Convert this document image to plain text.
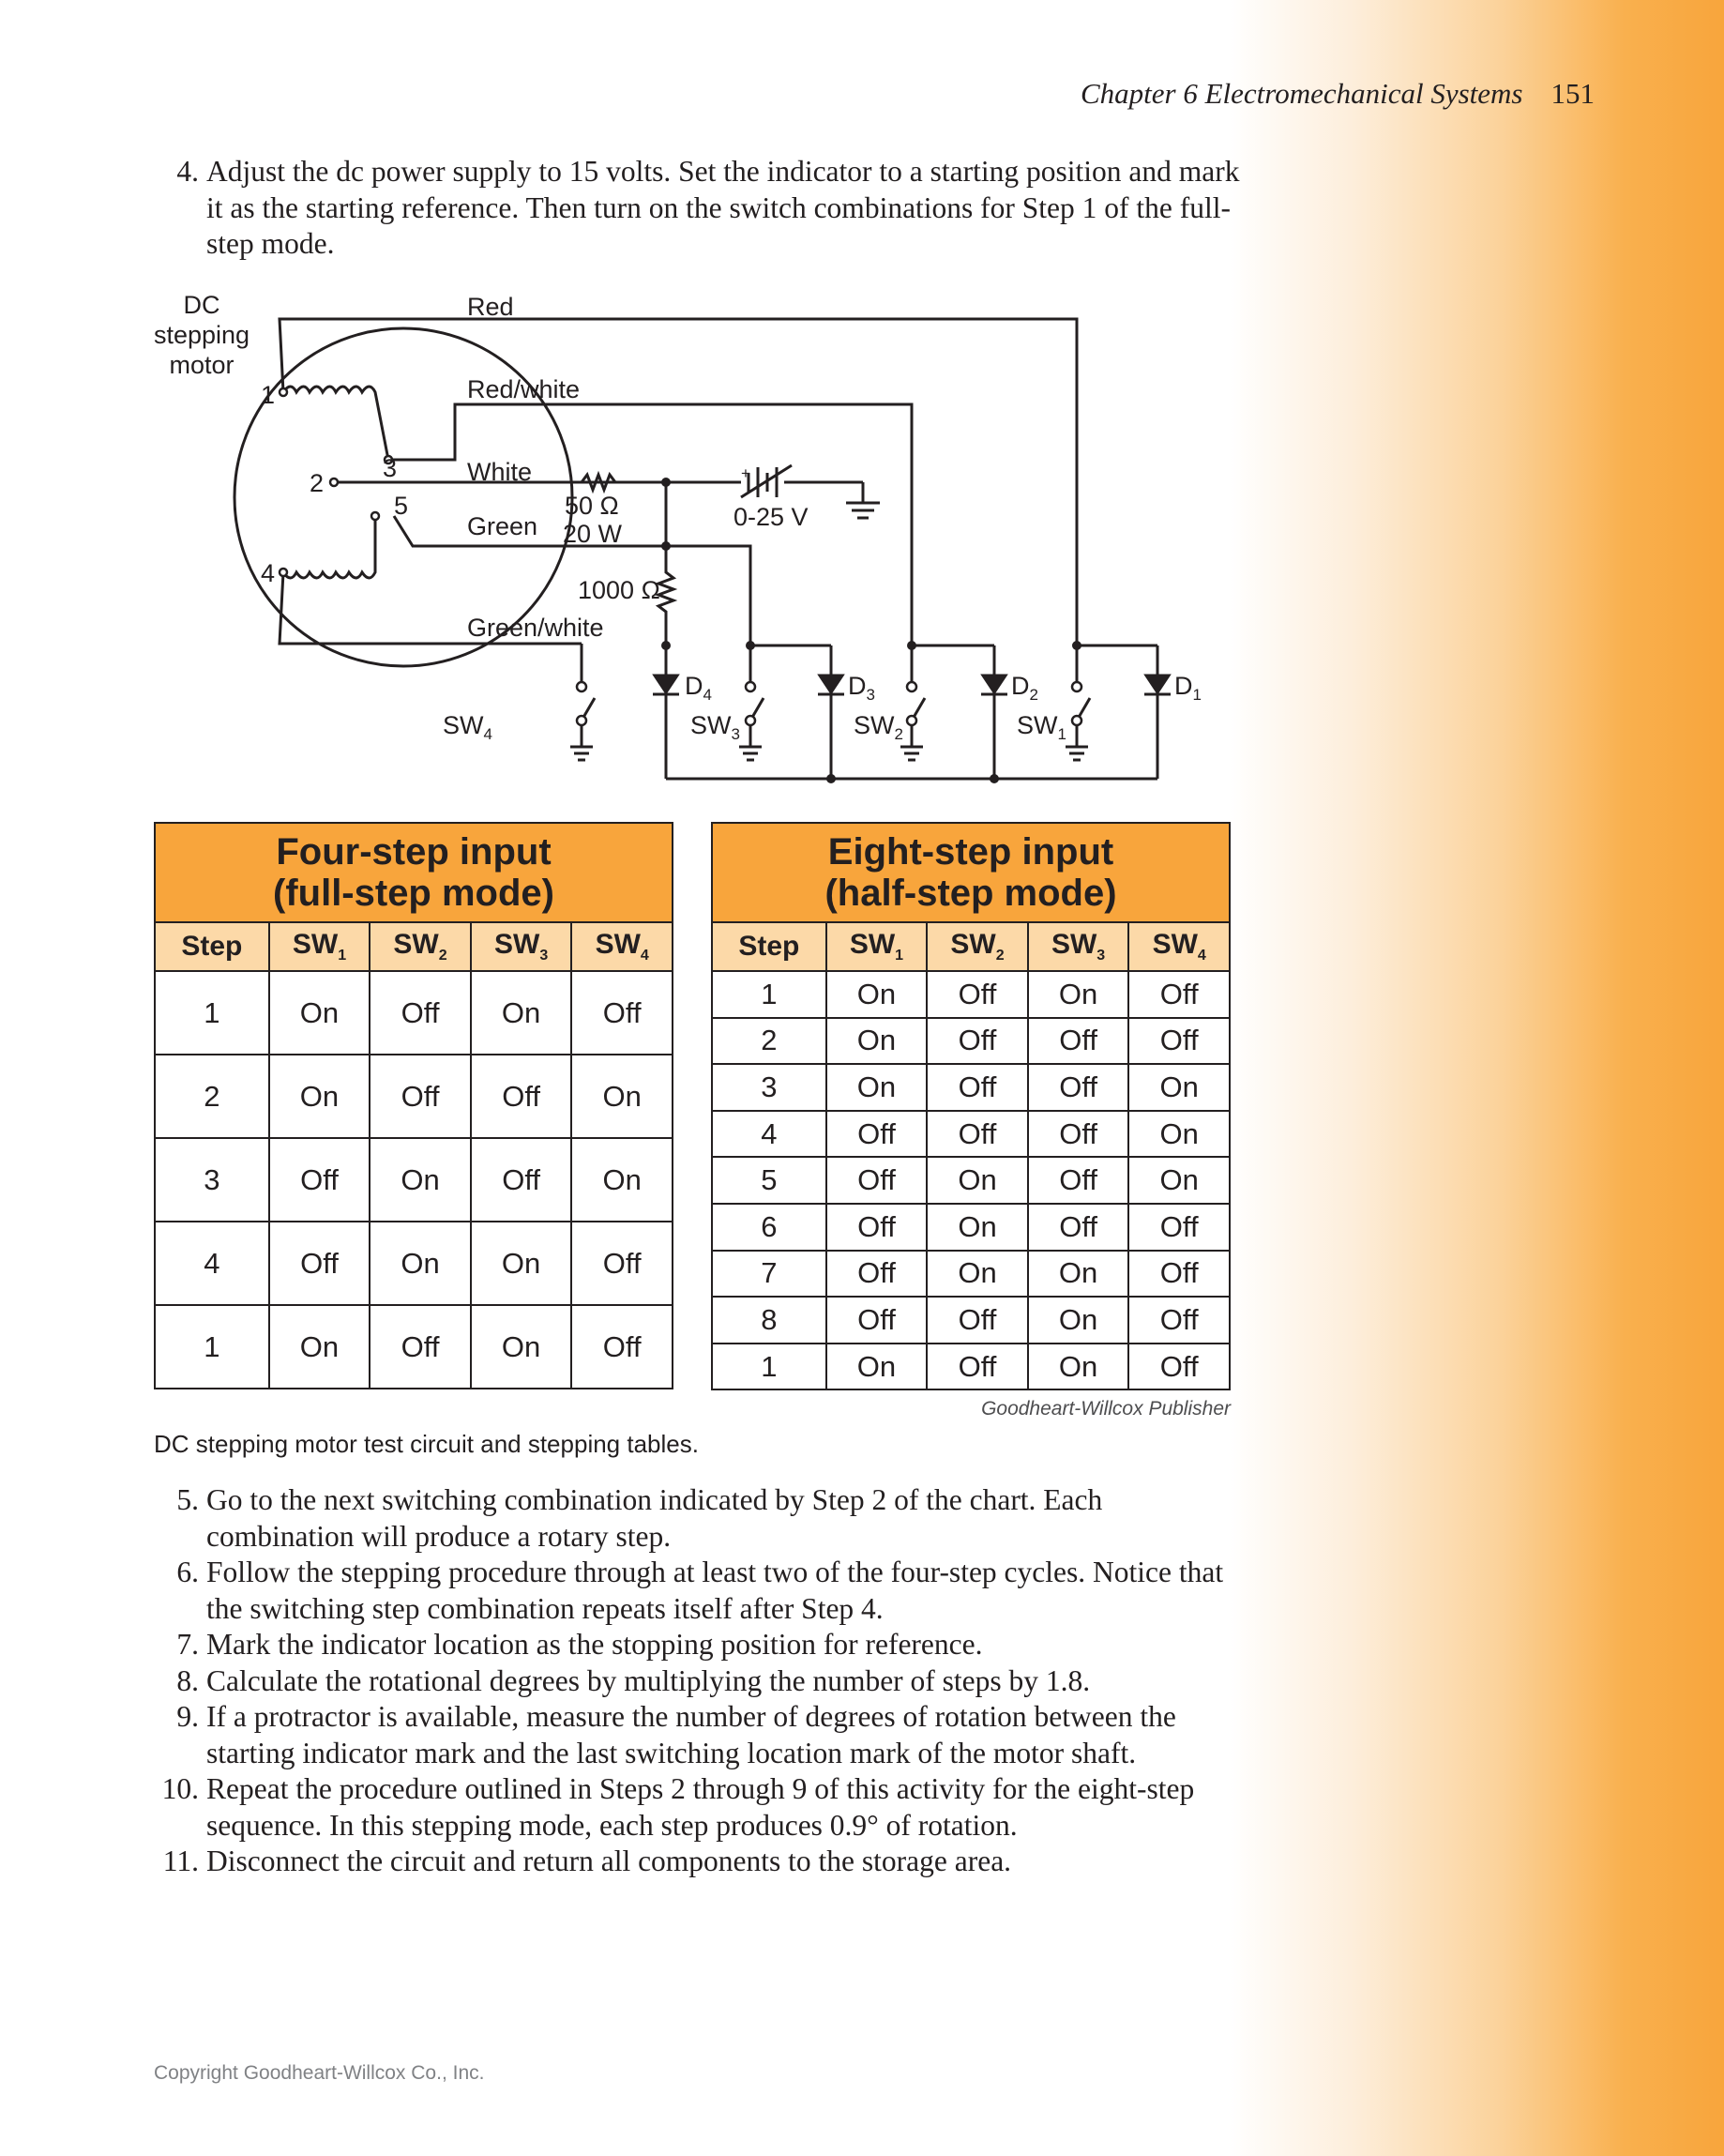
Chapter 6 Electromechanical Systems 151
4. Adjust the dc power supply to 15 volts. Set the indicator to a starting position and mark it as the starting reference. Then turn on the switch combinations for Step 1 of the full-step mode.
DC
stepping
motor
1
2
3
4
5
Red
Red/white
White
Green
Green/white
50 Ω
20 W
1000 Ω
0-25 V
+
$D_4$	$D_3$	$D_2$	$D_1$
$SW_4$	$SW_3$	$SW_2$	$SW_1$
Four-step input
(full-step mode)				
Step	$SW_1$	$SW_2$	$SW_3$	$SW_4$
1	On	Off	On	Off
2	On	Off	Off	On
3	Off	On	Off	On
4	Off	On	On	Off
1	On	Off	On	Off
Eight-step input
(half-step mode)				
Step	$SW_1$	$SW_2$	$SW_3$	$SW_4$
1	On	Off	On	Off
2	On	Off	Off	Off
3	On	Off	Off	On
4	Off	Off	Off	On
5	Off	On	Off	On
6	Off	On	Off	Off
7	Off	On	On	Off
8	Off	Off	On	Off
1	On	Off	On	Off
Goodheart-Willcox Publisher
DC stepping motor test circuit and stepping tables.
5. Go to the next switching combination indicated by Step 2 of the chart. Each combination will produce a rotary step.
6. Follow the stepping procedure through at least two of the four-step cycles. Notice that the switching step combination repeats itself after Step 4.
7. Mark the indicator location as the stopping position for reference.
8. Calculate the rotational degrees by multiplying the number of steps by 1.8.
9. If a protractor is available, measure the number of degrees of rotation between the starting indicator mark and the last switching location mark of the motor shaft.
10. Repeat the procedure outlined in Steps 2 through 9 of this activity for the eight-step sequence. In this stepping mode, each step produces 0.9° of rotation.
11. Disconnect the circuit and return all components to the storage area.
Copyright Goodheart-Willcox Co., Inc.
